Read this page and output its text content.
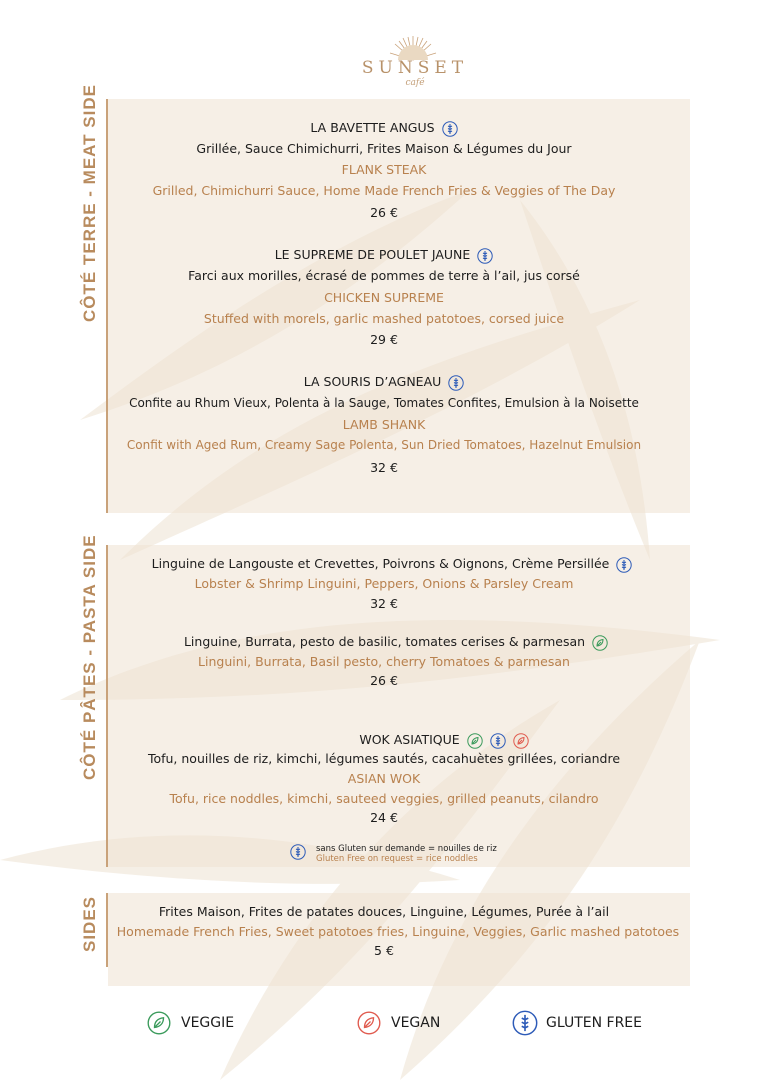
SUNSET
café
CÔTÉ TERRE - MEAT SIDE	LA BAVETTE ANGUS
Grillée, Sauce Chimichurri, Frites Maison & Légumes du Jour
FLANK STEAK
Grilled, Chimichurri Sauce, Home Made French Fries & Veggies of The Day
26 €
LE SUPREME DE POULET JAUNE
Farci aux morilles, écrasé de pommes de terre à l’ail, jus corsé
CHICKEN SUPREME
Stuffed with morels, garlic mashed patotoes, corsed juice
29 €
LA SOURIS D’AGNEAU
Confite au Rhum Vieux, Polenta à la Sauge, Tomates Confites, Emulsion à la Noisette
LAMB SHANK
Confit with Aged Rum, Creamy Sage Polenta, Sun Dried Tomatoes, Hazelnut Emulsion
32 €
CÔTÉ PÂTES - PASTA SIDE	Linguine de Langouste et Crevettes, Poivrons & Oignons, Crème Persillée
Lobster & Shrimp Linguini, Peppers, Onions & Parsley Cream
32 €
Linguine, Burrata, pesto de basilic, tomates cerises & parmesan
Linguini, Burrata, Basil pesto, cherry Tomatoes & parmesan
26 €
WOK ASIATIQUE
Tofu, nouilles de riz, kimchi, légumes sautés, cacahuètes grillées, coriandre
ASIAN WOK
Tofu, rice noddles, kimchi, sauteed veggies, grilled peanuts, cilandro
24 €
sans Gluten sur demande = nouilles de riz
Gluten Free on request = rice noddles
SIDES	Frites Maison, Frites de patates douces, Linguine, Légumes, Purée à l’ail
Homemade French Fries, Sweet patotoes fries, Linguine, Veggies, Garlic mashed patotoes
5 €
VEGGIE	VEGAN	GLUTEN FREE
